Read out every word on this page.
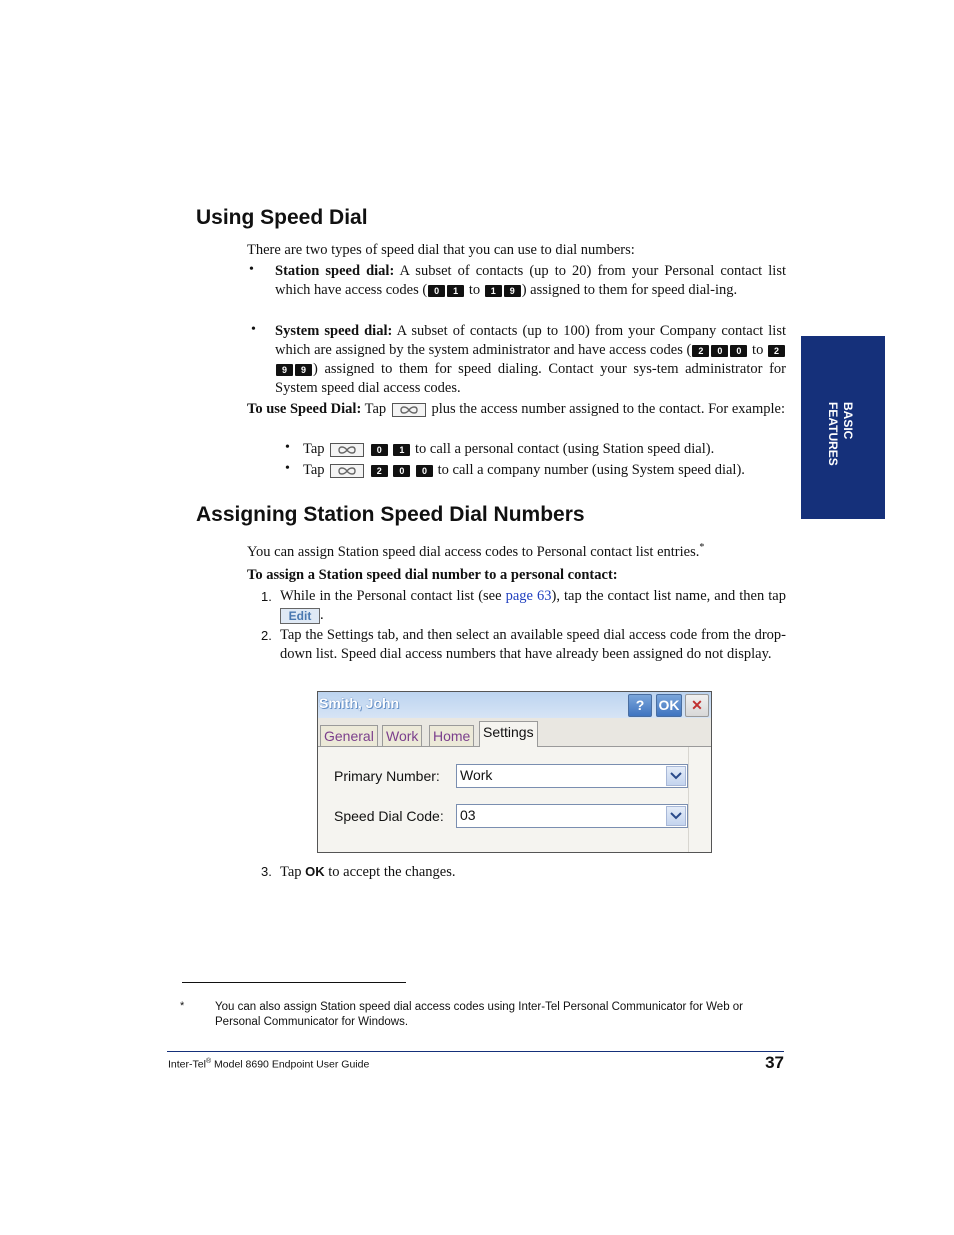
Using Speed Dial
There are two types of speed dial that you can use to dial numbers:
• Station speed dial: A subset of contacts (up to 20) from your Personal contact list which have access codes ( 0 1 to 1 9 ) assigned to them for speed dial-ing.
• System speed dial: A subset of contacts (up to 100) from your Company contact list which are assigned by the system administrator and have access codes ( 2 0 0 to 29 9 ) assigned to them for speed dialing. Contact your sys-tem administrator for System speed dial access codes.
To use Speed Dial: Tap	plus the access number assigned to the contact. For example:
• Tap	0 1 to call a personal contact (using Station speed dial).
• Tap	2 0 0 to call a company number (using System speed dial).
Assigning Station Speed Dial Numbers
You can assign Station speed dial access codes to Personal contact list entries.*
To assign a Station speed dial number to a personal contact:
1. While in the Personal contact list (see page 63), tap the contact list name, and then tap Edit .
2. Tap the Settings tab, and then select an available speed dial access code from the drop-down list. Speed dial access numbers that have already been assigned do not display.
Smith, John	?	OK ✕
General Work Home Settings
Primary Number: Work
Speed Dial Code: 03
3. Tap OK to accept the changes.
BASIC
FEATURES
*	You can also assign Station speed dial access codes using Inter-Tel Personal Communicator for Web or Personal Communicator for Windows.
Inter-Tel® Model 8690 Endpoint User Guide	37
